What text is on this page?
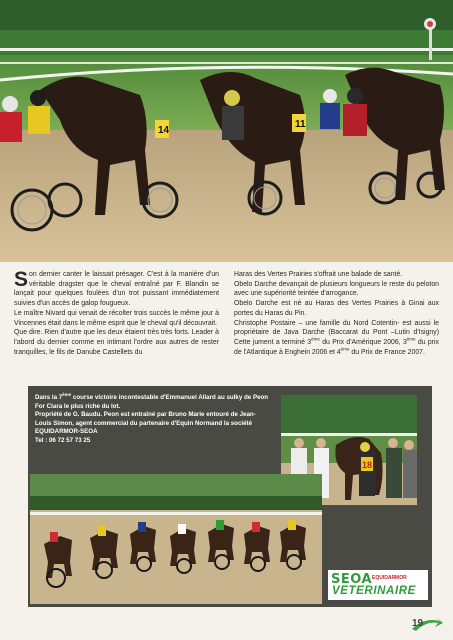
14
11

Son dernier canter le laissait présager. C'est à la manière d'un véritable dragster que le cheval entraîné par F. Blandin se lançait pour quelques foulées d'un trot puissant immédiatement suivies d'un accès de galop fougueux.

Le maître Nivard qui venait de récolter trois succès le même jour à Vincennes était dans le même esprit que le cheval qu'il découvrait.

Que dire. Rien d'autre que les deux étaient très très forts. Leader à l'abord du dernier comme en intimant l'ordre aux autres de rester tranquilles, le fils de Danube Castellets du

Haras des Vertes Prairies s'offrait une balade de santé.

Obelo Darche devançait de plusieurs longueurs le reste du peloton avec une supériorité teintée d'arrogance.

Obelo Darche est né au Haras des Vertes Prairies à Ginai aux portes du Haras du Pin.

Christophe Postaire – une famille du Nord Cotentin- est aussi le propriétaire de Java Darche (Baccarat du Pont –Lutin d'Isigny) Cette jument a terminé 3ème du Prix d'Amérique 2006, 3ème du prix de l'Atlantique à Enghein 2006 et 4ème du Prix de France 2007.

Dans la 7ème course victoire incontestable d'Emmanuel Allard au sulky de Peon For Clara le plus riche du lot.

Propriété de G. Baudu. Peon est entraîné par Bruno Marie entouré de Jean-Louis Simon, agent commercial du partenaire d'Equin Normand la société EQUIDARMOR-SEOA

Tel : 06 72 57 73 25

18
SEOA EQUIDARMOR
VETERINAIRE
19
